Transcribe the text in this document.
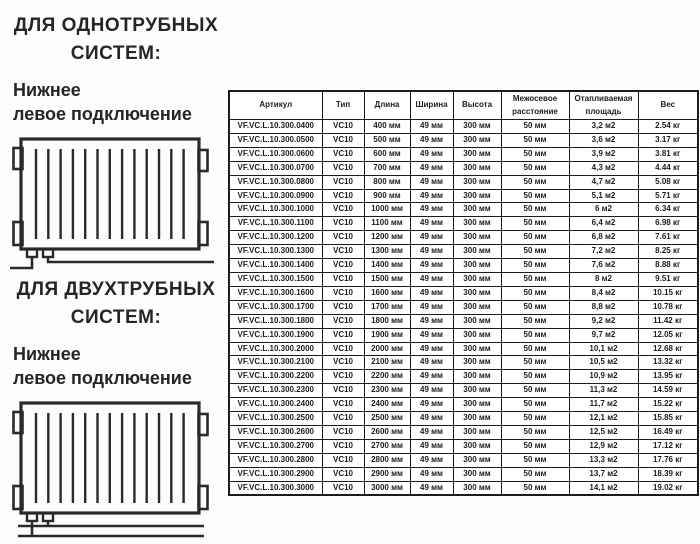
ДЛЯ ОДНОТРУБНЫХ
СИСТЕМ:
Нижнее
левое подключение
ДЛЯ ДВУХТРУБНЫХ
СИСТЕМ:
Нижнее
левое подключение
Артикул	Тип	Длина	Ширина	Высота	Межосевое расстояние	Отапливаемая площадь	Вес
VF.VC.L.10.300.0400	VC10	400 мм	49 мм	300 мм	50 мм	3,2 м2	2.54 кг
VF.VC.L.10.300.0500	VC10	500 мм	49 мм	300 мм	50 мм	3,6 м2	3.17 кг
VF.VC.L.10.300.0600	VC10	600 мм	49 мм	300 мм	50 мм	3,9 м2	3.81 кг
VF.VC.L.10.300.0700	VC10	700 мм	49 мм	300 мм	50 мм	4,3 м2	4.44 кг
VF.VC.L.10.300.0800	VC10	800 мм	49 мм	300 мм	50 мм	4,7 м2	5.08 кг
VF.VC.L.10.300.0900	VC10	900 мм	49 мм	300 мм	50 мм	5,1 м2	5.71 кг
VF.VC.L.10.300.1000	VC10	1000 мм	49 мм	300 мм	50 мм	6 м2	6.34 кг
VF.VC.L.10.300.1100	VC10	1100 мм	49 мм	300 мм	50 мм	6,4 м2	6.98 кг
VF.VC.L.10.300.1200	VC10	1200 мм	49 мм	300 мм	50 мм	6,8 м2	7.61 кг
VF.VC.L.10.300.1300	VC10	1300 мм	49 мм	300 мм	50 мм	7,2 м2	8.25 кг
VF.VC.L.10.300.1400	VC10	1400 мм	49 мм	300 мм	50 мм	7,6 м2	8.88 кг
VF.VC.L.10.300.1500	VC10	1500 мм	49 мм	300 мм	50 мм	8 м2	9.51 кг
VF.VC.L.10.300.1600	VC10	1600 мм	49 мм	300 мм	50 мм	8,4 м2	10.15 кг
VF.VC.L.10.300.1700	VC10	1700 мм	49 мм	300 мм	50 мм	8,8 м2	10.78 кг
VF.VC.L.10.300.1800	VC10	1800 мм	49 мм	300 мм	50 мм	9,2 м2	11.42 кг
VF.VC.L.10.300.1900	VC10	1900 мм	49 мм	300 мм	50 мм	9,7 м2	12.05 кг
VF.VC.L.10.300.2000	VC10	2000 мм	49 мм	300 мм	50 мм	10,1 м2	12.68 кг
VF.VC.L.10.300.2100	VC10	2100 мм	49 мм	300 мм	50 мм	10,5 м2	13.32 кг
VF.VC.L.10.300.2200	VC10	2200 мм	49 мм	300 мм	50 мм	10,9 м2	13.95 кг
VF.VC.L.10.300.2300	VC10	2300 мм	49 мм	300 мм	50 мм	11,3 м2	14.59 кг
VF.VC.L.10.300.2400	VC10	2400 мм	49 мм	300 мм	50 мм	11,7 м2	15.22 кг
VF.VC.L.10.300.2500	VC10	2500 мм	49 мм	300 мм	50 мм	12,1 м2	15.85 кг
VF.VC.L.10.300.2600	VC10	2600 мм	49 мм	300 мм	50 мм	12,5 м2	16.49 кг
VF.VC.L.10.300.2700	VC10	2700 мм	49 мм	300 мм	50 мм	12,9 м2	17.12 кг
VF.VC.L.10.300.2800	VC10	2800 мм	49 мм	300 мм	50 мм	13,3 м2	17.76 кг
VF.VC.L.10.300.2900	VC10	2900 мм	49 мм	300 мм	50 мм	13,7 м2	18.39 кг
VF.VC.L.10.300.3000	VC10	3000 мм	49 мм	300 мм	50 мм	14,1 м2	19.02 кг
